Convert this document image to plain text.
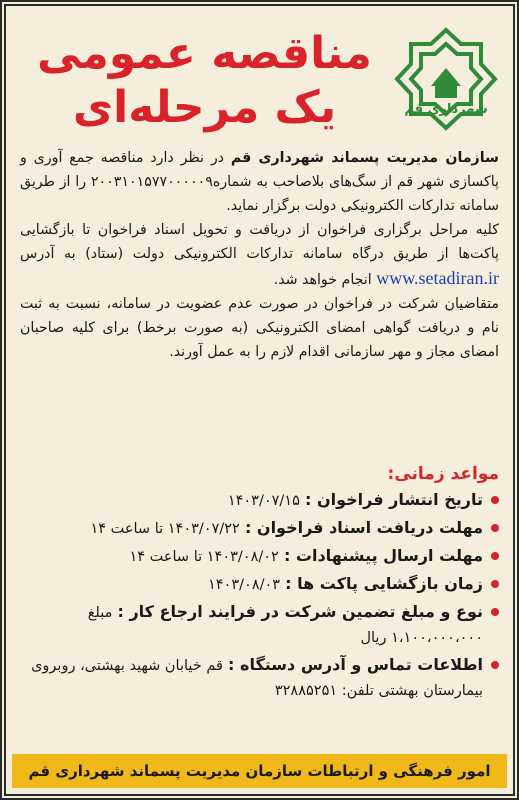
مناقصه عمومی
یک مرحله‌ای	شهرداری قم

سازمان مدیریت پسماند شهرداری قم در نظر دارد مناقصه جمع آوری و پاکسازی شهر قم از سگ‌های بلاصاحب به شماره۲۰۰۳۱۰۱۵۷۷۰۰۰۰۰۹ را از طریق سامانه تدارکات الکترونیکی دولت برگزار نماید.

کلیه مراحل برگزاری فراخوان از دریافت و تحویل اسناد فراخوان تا بازگشایی پاکت‌ها از طریق درگاه سامانه تدارکات الکترونیکی دولت (ستاد) به آدرس www.setadiran.ir انجام خواهد شد.

متقاضیان شرکت در فراخوان در صورت عدم عضویت در سامانه، نسبت به ثبت نام و دریافت گواهی امضای الکترونیکی (به صورت برخط) برای کلیه صاحبان امضای مجاز و مهر سازمانی اقدام لازم را به عمل آورند.

مواعد زمانی:
تاریخ انتشار فراخوان : ۱۴۰۳/۰۷/۱۵
مهلت دریافت اسناد فراخوان : ۱۴۰۳/۰۷/۲۲ تا ساعت ۱۴
مهلت ارسال پیشنهادات : ۱۴۰۳/۰۸/۰۲ تا ساعت ۱۴
زمان بازگشایی پاکت ها : ۱۴۰۳/۰۸/۰۳
نوع و مبلغ تضمین شرکت در فرایند ارجاع کار : مبلغ ۱،۱۰۰،۰۰۰،۰۰۰ ریال
اطلاعات تماس و آدرس دستگاه : قم خیابان شهید بهشتی، روبروی بیمارستان بهشتی تلفن: ۳۲۸۸۵۲۵۱
امور فرهنگی و ارتباطات سازمان مدیریت پسماند شهرداری قم
